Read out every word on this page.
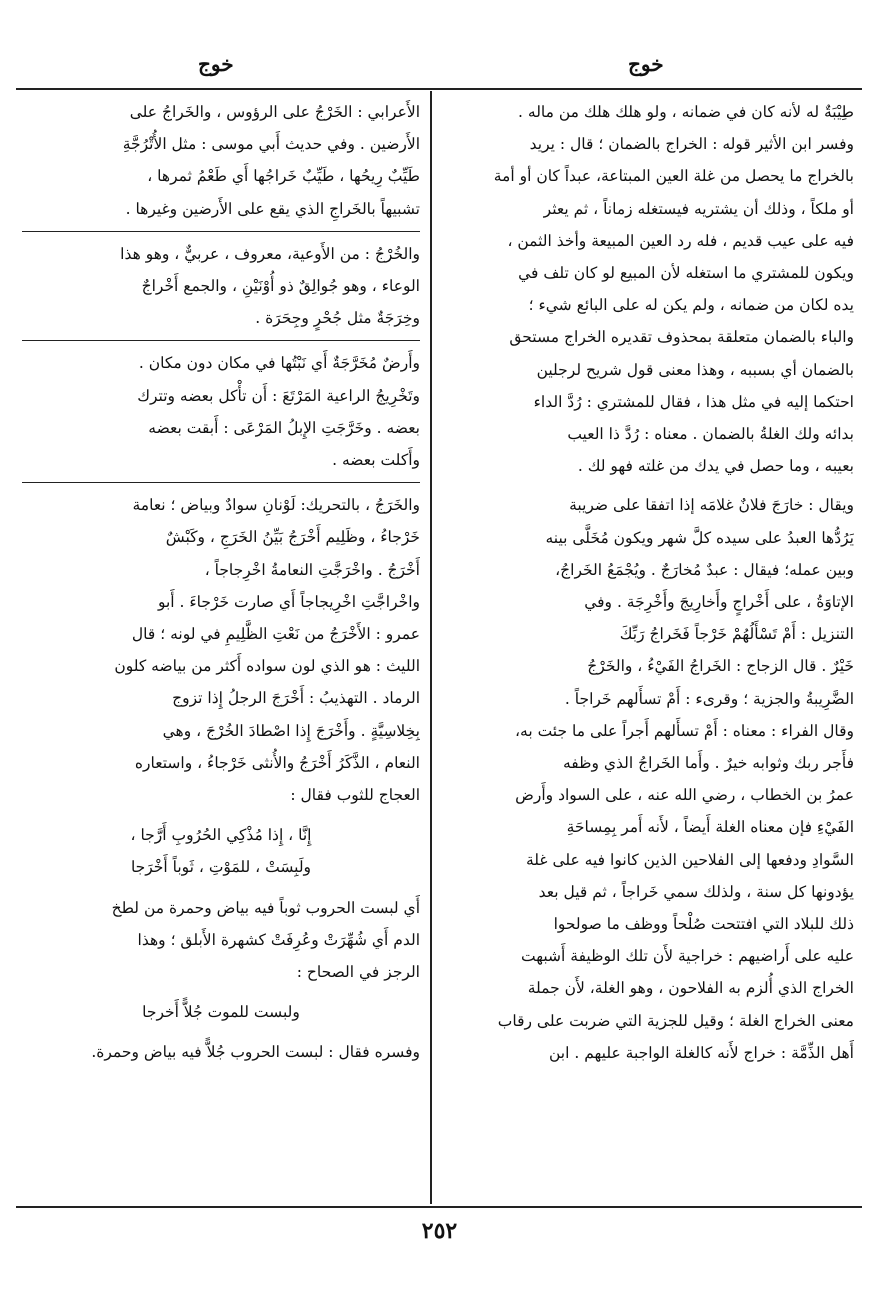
خوج
خوج

طِيْبَةٌ له لأنه كان في ضمانه ، ولو هلك هلك من ماله .

وفسر ابن الأثير قوله : الخراج بالضمان ؛ قال : يريد

بالخراج ما يحصل من غلة العين المبتاعة، عبداً كان أو أمة

أو ملكاً ، وذلك أن يشتريه فيستغله زماناً ، ثم يعثر

فيه على عيب قديم ، فله رد العين المبيعة وأخذ الثمن ،

ويكون للمشتري ما استغله لأن المبيع لو كان تلف في

يده لكان من ضمانه ، ولم يكن له على البائع شيء ؛

والباء بالضمان متعلقة بمحذوف تقديره الخراج مستحق

بالضمان أي بسببه ، وهذا معنى قول شريح لرجلين

احتكما إليه في مثل هذا ، فقال للمشتري : رُدَّ الداء

بدائه ولك الغلةُ بالضمان . معناه : رُدَّ ذا العيب

بعيبه ، وما حصل في يدك من غلته فهو لك .

ويقال : خارَجَ فلانٌ غلامَه إذا اتفقا على ضريبة

يَرُدُّها العبدُ على سيده كلَّ شهر ويكون مُخَلَّى بينه

وبين عمله؛ فيقال : عبدٌ مُخارَجٌ . ويُجْمَعُ الخَراجُ،

الإتاوَةُ ، على أَخْراجٍ وأَخارِيجَ وأَخْرِجَة . وفي

التنزيل : أَمْ تَسْأَلُهُمْ خَرْجاً فَخَراجُ رَبِّكَ

خَيْرٌ . قال الزجاج : الخَراجُ الفَيْءُ ، والخَرْجُ

الضَّرِيبةُ والجزية ؛ وقرىء : أَمْ تسأَلهم خَراجاً .

وقال الفراء : معناه : أَمْ تسأَلهم أَجراً على ما جئت به،

فأَجر ربك وثوابه خيرٌ . وأَما الخَراجُ الذي وظفه

عمرُ بن الخطاب ، رضي الله عنه ، على السواد وأَرض

الفَيْءِ فإن معناه الغلة أَيضاً ، لأَنه أَمر بِمِساحَةِ

السَّوادِ ودفعها إلى الفلاحين الذين كانوا فيه على غلة

يؤدونها كل سنة ، ولذلك سمي خَراجاً ، ثم قيل بعد

ذلك للبلاد التي افتتحت صُلْحاً ووظف ما صولحوا

عليه على أَراضيهم : خراجية لأَن تلك الوظيفة أَشبهت

الخراج الذي أُلزم به الفلاحون ، وهو الغلة، لأَن جملة

معنى الخراج الغلة ؛ وقيل للجزية التي ضربت على رقاب

أَهل الذِّمَّة : خراج لأَنه كالغلة الواجبة عليهم . ابن

الأَعرابي : الخَرْجُ على الرؤوس ، والخَراجُ على

الأَرضين . وفي حديث أَبي موسى : مثل الأُتْرُجَّةِ

طَيِّبٌ رِيحُها ، طَيِّبٌ خَراجُها أَي طَعْمُ ثمرها ،

تشبيهاً بالخَراجِ الذي يقع على الأَرضين وغيرها .

والخُرْجُ : من الأَوعية، معروف ، عربيٌّ ، وهو هذا

الوعاء ، وهو جُوالِقٌ ذو أُوْنَيْنِ ، والجمع أَخْراجٌ

وخِرَجَةٌ مثل جُحْرٍ وجِحَرَة .

وأَرضٌ مُخَرَّجَةٌ أَي نَبْتُها في مكان دون مكان .

وتَخْرِيجُ الراعية المَرْتَعَ : أَن تأْكل بعضه وتترك

بعضه . وخَرَّجَتِ الإِبلُ المَرْعَى : أَبقت بعضه

وأَكلت بعضه .

والخَرَجُ ، بالتحريك: لَوْنانِ سوادٌ وبياض ؛ نعامة

خَرْجاءُ ، وظَلِيم أَخْرَجُ بَيِّنُ الخَرَجِ ، وكَبْشٌ

أَخْرَجُ . واخْرَجَّتِ النعامةُ اخْرِجاجاً ،

واخْراجَّتِ اخْرِيجاجاً أَي صارت خَرْجاءَ . أَبو

عمرو : الأَخْرَجُ من نَعْتِ الظَّلِيمِ في لونه ؛ قال

الليث : هو الذي لون سواده أَكثر من بياضه كلون

الرماد . التهذيبُ : أَخْرَجَ الرجلُ إِذا تزوج

بِخِلاسِيَّةٍ . وأَخْرَجَ إِذا اصْطادَ الخُرْجَ ، وهي

النعام ، الذَّكَرُ أَخْرَجُ والأُنثى خَرْجاءُ ، واستعاره

العجاج للثوب فقال :

إِنَّا ، إِذا مُذْكِي الحُرُوبِ أَرَّجا ،

ولَبِسَتْ ، للمَوْتِ ، ثَوباً أَخْرَجا

أَي لبست الحروب ثوباً فيه بياض وحمرة من لطخ

الدم أَي شُهِّرَتْ وعُرِفَتْ كشهرة الأَبلق ؛ وهذا

الرجز في الصحاح :

ولبست للموت جُلاًّ أَخرجا

وفسره فقال : لبست الحروب جُلاًّ فيه بياض وحمرة.

٢٥٢
